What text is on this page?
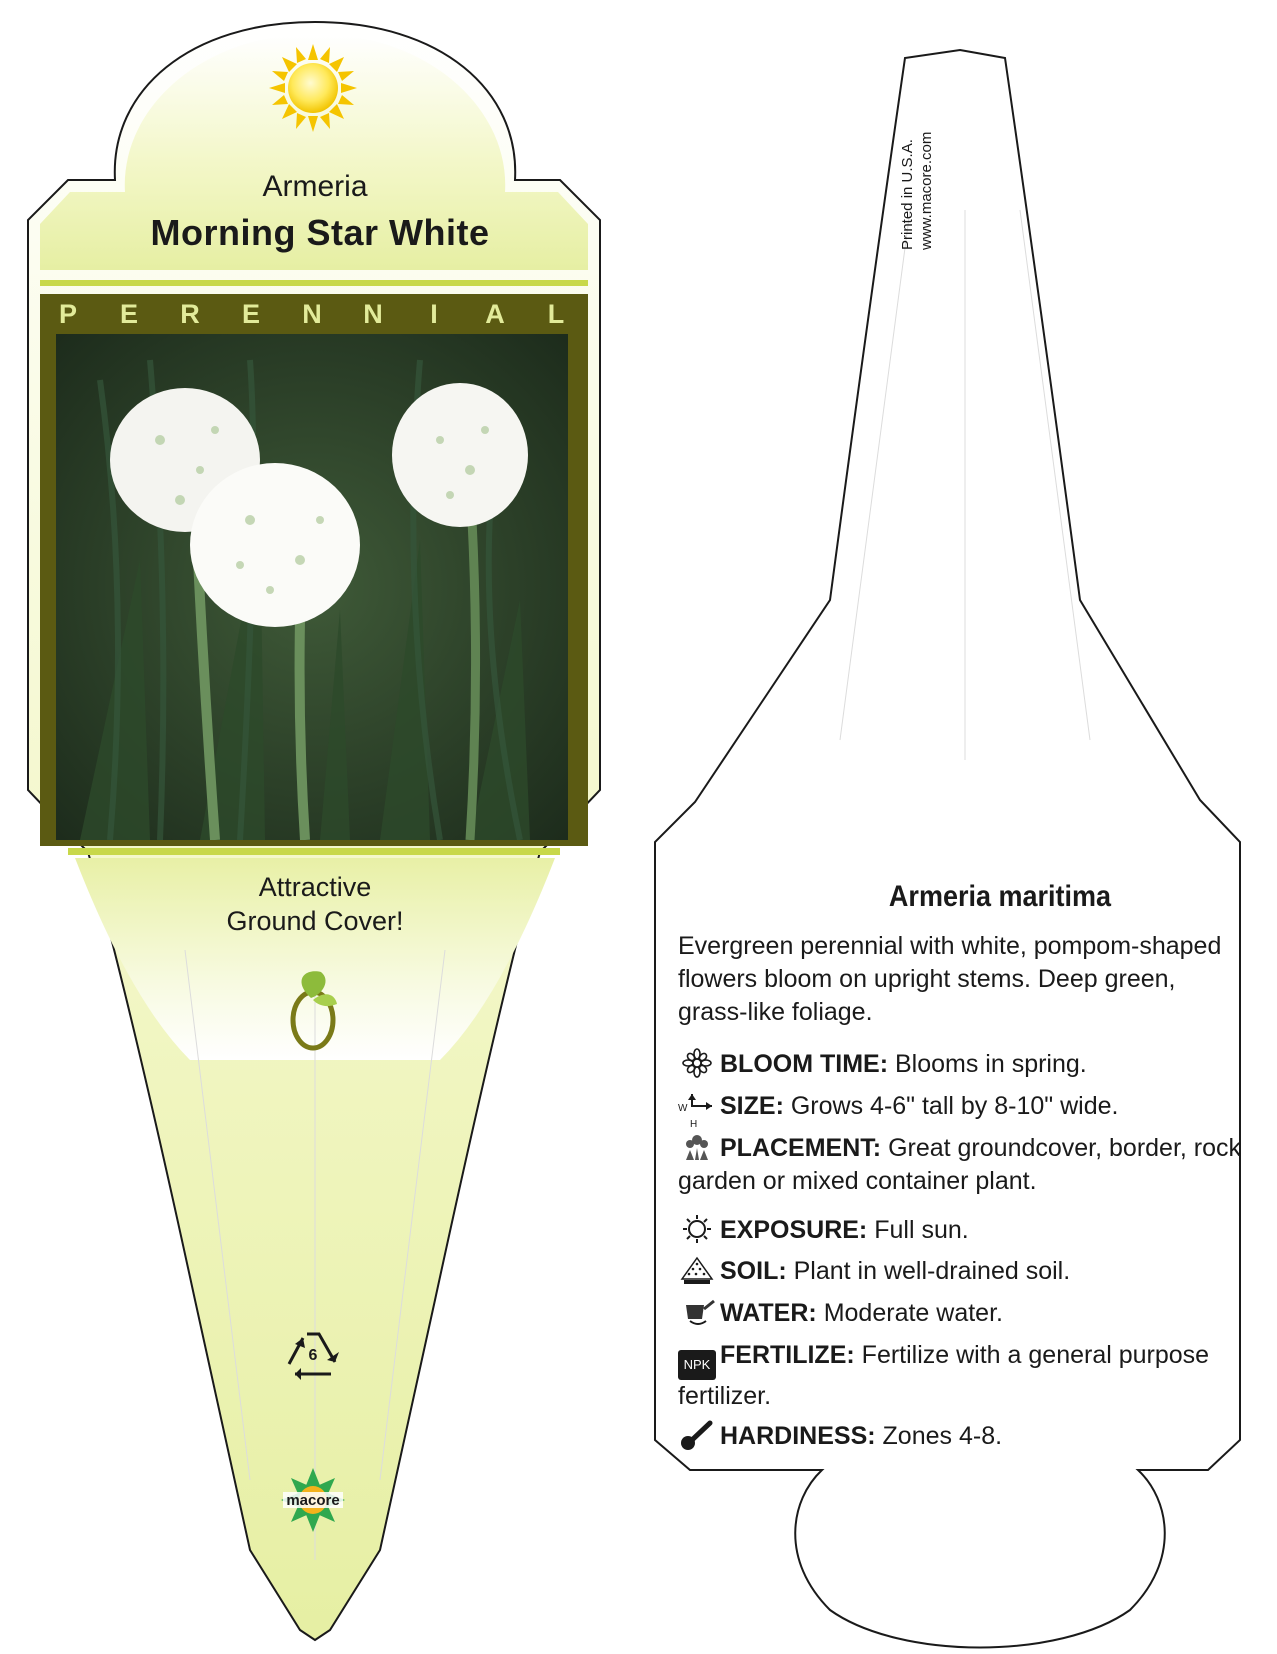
Armeria
Morning Star White
P E R E N N	I	A L
Attractive
Ground Cover!
6
macore
Printed in U.S.A. www.macore.com
Armeria maritima
Evergreen perennial with white, pompom-shaped flowers bloom on upright stems. Deep green, grass-like foliage.
BLOOM TIME: Blooms in spring.
W
H
SIZE: Grows 4-6" tall by 8-10" wide.
PLACEMENT: Great groundcover, border, rock garden or mixed container plant.
EXPOSURE: Full sun.
SOIL: Plant in well-drained soil.
WATER: Moderate water.
NPK FERTILIZE: Fertilize with a general purpose fertilizer.
HARDINESS: Zones 4-8.
